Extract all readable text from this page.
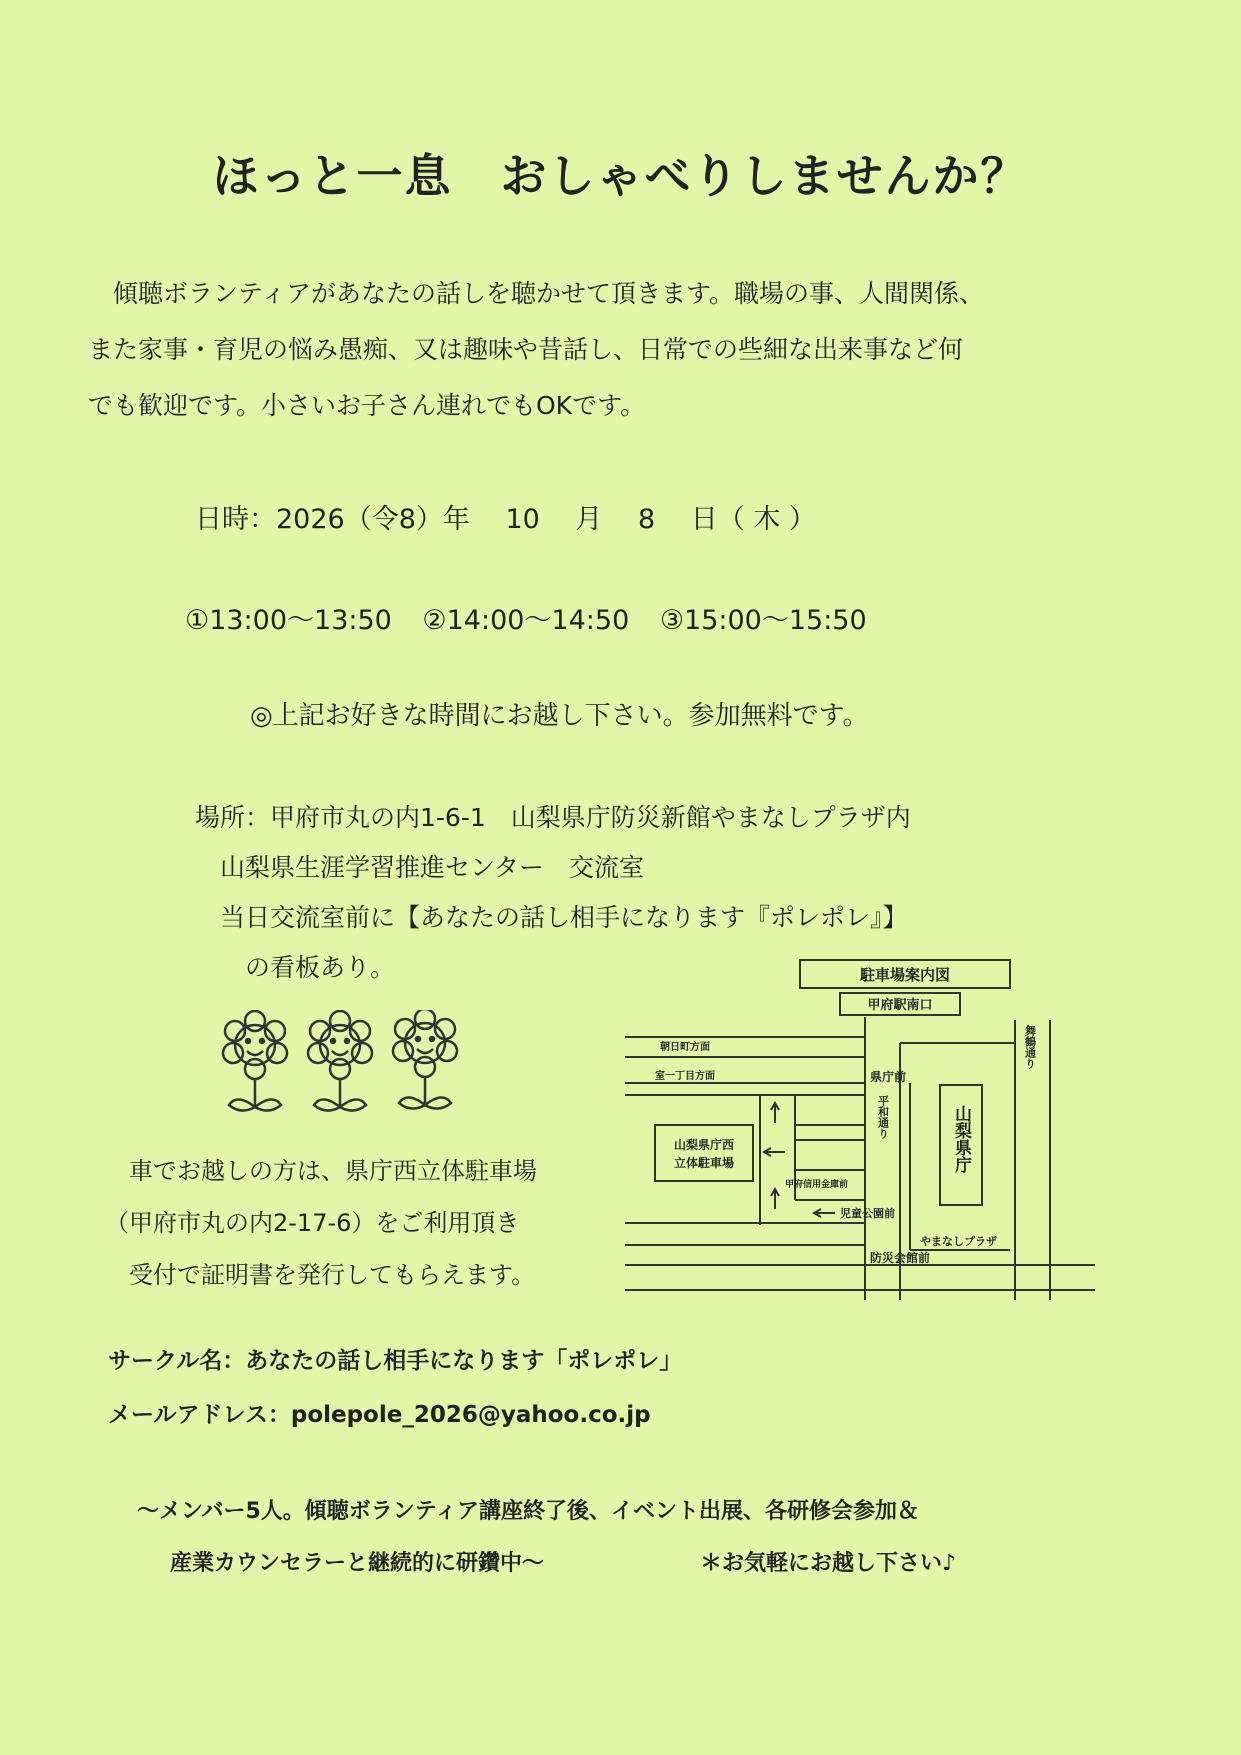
ほっと一息　おしゃべりしませんか？

　傾聴ボランティアがあなたの話しを聴かせて頂きます。職場の事、人間関係、

また家事・育児の悩み愚痴、又は趣味や昔話し、日常での些細な出来事など何

でも歓迎です。小さいお子さん連れでもOKです。

日時：2026（令8）年　 10　 月　 8　 日（ 木 ）
①13:00～13:50 ②14:00～14:50 ③15:00～15:50
◎上記お好きな時間にお越し下さい。参加無料です。
場所：甲府市丸の内1-6-1　山梨県庁防災新館やまなしプラザ内
　山梨県生涯学習推進センター　交流室
　当日交流室前に【あなたの話し相手になります『ポレポレ』】
　　の看板あり。	駐車場案内図
甲府駅南口
朝日町方面
室一丁目方面	県庁前
平和通り	山梨県庁
舞鶴通り
山梨県庁西
立体駐車場
甲府信用金庫前
児童公園前
やまなしプラザ
防災会館前
　車でお越しの方は、県庁西立体駐車場
（甲府市丸の内2-17-6）をご利用頂き
　受付で証明書を発行してもらえます。
サークル名：あなたの話し相手になります「ポレポレ」
メールアドレス：polepole_2026@yahoo.co.jp
～メンバー5人。傾聴ボランティア講座終了後、イベント出展、各研修会参加＆
産業カウンセラーと継続的に研鑽中～	＊お気軽にお越し下さい♪
